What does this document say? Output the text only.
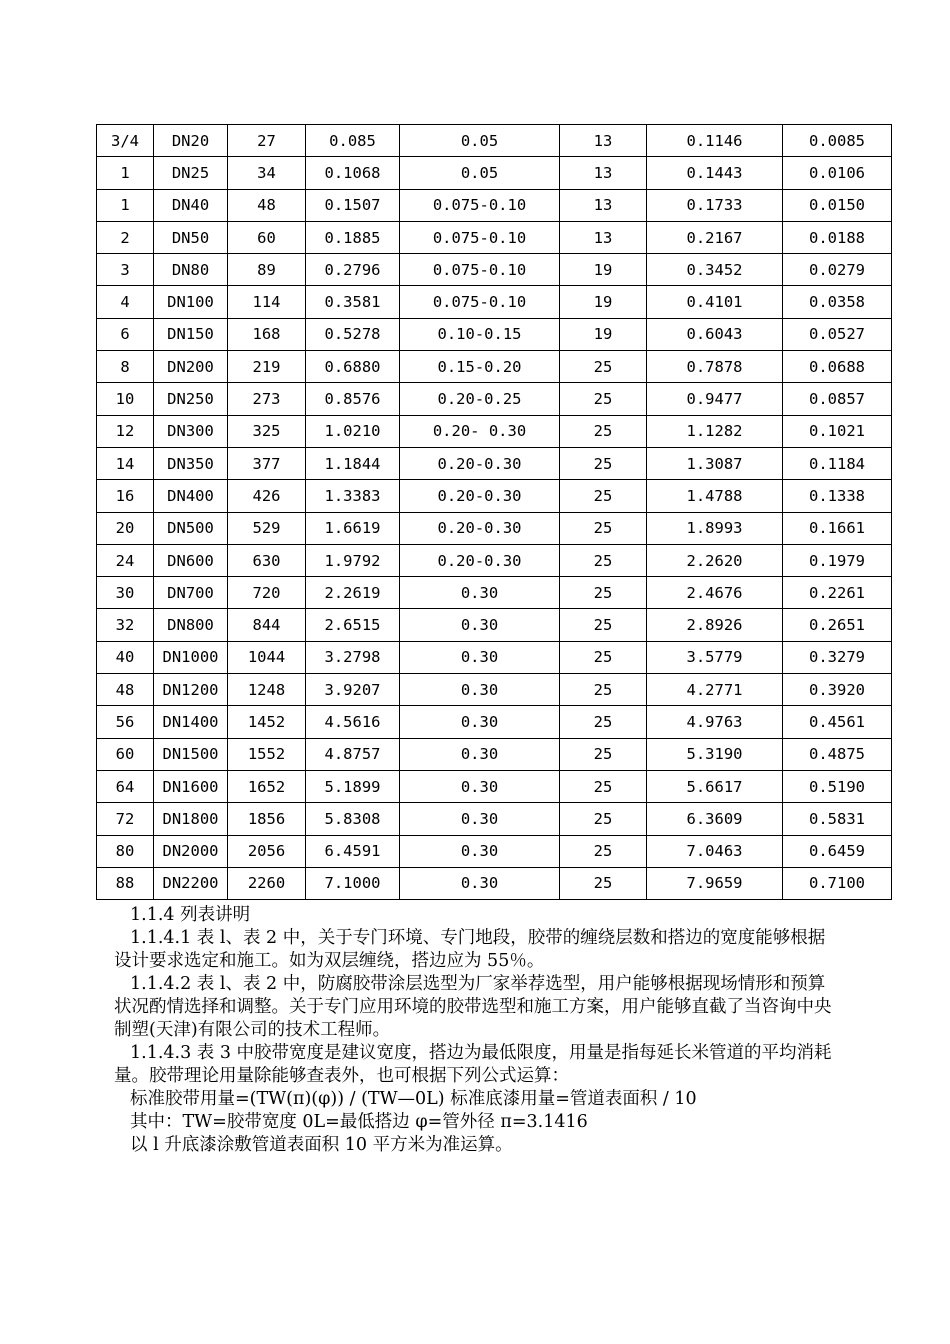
3/4	DN20	27	0.085	0.05	13	0.1146	0.0085
1	DN25	34	0.1068	0.05	13	0.1443	0.0106
1	DN40	48	0.1507	0.075-0.10	13	0.1733	0.0150
2	DN50	60	0.1885	0.075-0.10	13	0.2167	0.0188
3	DN80	89	0.2796	0.075-0.10	19	0.3452	0.0279
4	DN100	114	0.3581	0.075-0.10	19	0.4101	0.0358
6	DN150	168	0.5278	0.10-0.15	19	0.6043	0.0527
8	DN200	219	0.6880	0.15-0.20	25	0.7878	0.0688
10	DN250	273	0.8576	0.20-0.25	25	0.9477	0.0857
12	DN300	325	1.0210	0.20- 0.30	25	1.1282	0.1021
14	DN350	377	1.1844	0.20-0.30	25	1.3087	0.1184
16	DN400	426	1.3383	0.20-0.30	25	1.4788	0.1338
20	DN500	529	1.6619	0.20-0.30	25	1.8993	0.1661
24	DN600	630	1.9792	0.20-0.30	25	2.2620	0.1979
30	DN700	720	2.2619	0.30	25	2.4676	0.2261
32	DN800	844	2.6515	0.30	25	2.8926	0.2651
40	DN1000	1044	3.2798	0.30	25	3.5779	0.3279
48	DN1200	1248	3.9207	0.30	25	4.2771	0.3920
56	DN1400	1452	4.5616	0.30	25	4.9763	0.4561
60	DN1500	1552	4.8757	0.30	25	5.3190	0.4875
64	DN1600	1652	5.1899	0.30	25	5.6617	0.5190
72	DN1800	1856	5.8308	0.30	25	6.3609	0.5831
80	DN2000	2056	6.4591	0.30	25	7.0463	0.6459
88	DN2200	2260	7.1000	0.30	25	7.9659	0.7100

1.1.4 列表讲明

1.1.4.1 表 l、表 2 中，关于专门环境、专门地段，胶带的缠绕层数和搭边的宽度能够根据设计要求选定和施工。如为双层缠绕，搭边应为 55％。

1.1.4.2 表 l、表 2 中，防腐胶带涂层选型为厂家举荐选型，用户能够根据现场情形和预算状况酌情选择和调整。关于专门应用环境的胶带选型和施工方案，用户能够直截了当咨询中央制塑(天津)有限公司的技术工程师。

1.1.4.3 表 3 中胶带宽度是建议宽度，搭边为最低限度，用量是指每延长米管道的平均消耗量。胶带理论用量除能够查表外，也可根据下列公式运算：

标准胶带用量=(TW(π)(φ)) / (TW—0L) 标准底漆用量=管道表面积 / 10

其中：TW=胶带宽度 0L=最低搭边 φ=管外径 π=3.1416

以 l 升底漆涂敷管道表面积 10 平方米为准运算。
